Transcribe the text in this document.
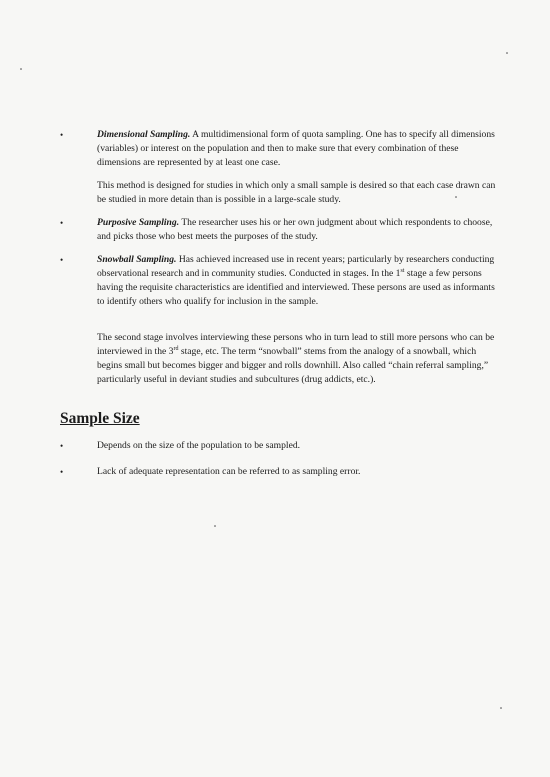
•	Dimensional Sampling. A multidimensional form of quota sampling. One has to specify all dimensions (variables) or interest on the population and then to make sure that every combination of these dimensions are represented by at least one case.
This method is designed for studies in which only a small sample is desired so that each case drawn can be studied in more detain than is possible in a large-scale study.
•	Purposive Sampling. The researcher uses his or her own judgment about which respondents to choose, and picks those who best meets the purposes of the study.
•	Snowball Sampling. Has achieved increased use in recent years; particularly by researchers conducting observational research and in community studies. Conducted in stages. In the 1st stage a few persons having the requisite characteristics are identified and interviewed. These persons are used as informants to identify others who qualify for inclusion in the sample.
The second stage involves interviewing these persons who in turn lead to still more persons who can be interviewed in the 3rd stage, etc. The term “snowball” stems from the analogy of a snowball, which begins small but becomes bigger and bigger and rolls downhill. Also called “chain referral sampling,” particularly useful in deviant studies and subcultures (drug addicts, etc.).
Sample Size
•	Depends on the size of the population to be sampled.
•	Lack of adequate representation can be referred to as sampling error.
